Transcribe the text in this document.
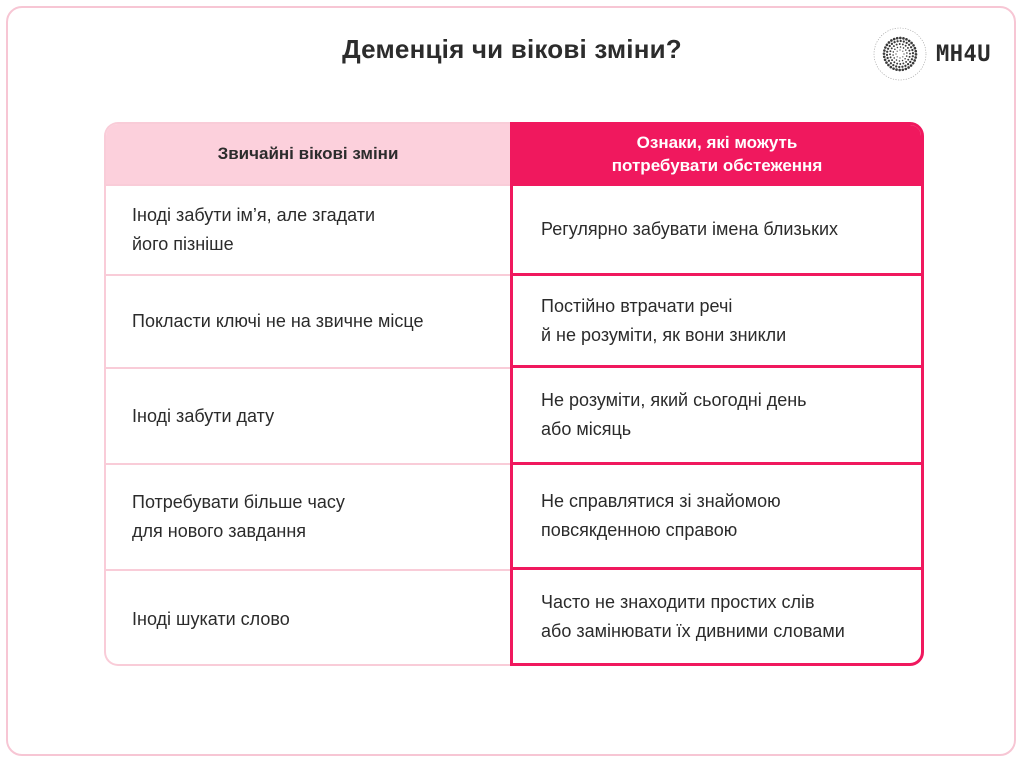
Деменція чи вікові зміни?	MH4U
Звичайні вікові зміни
Іноді забути ім’я, але згадати
його пізніше
Покласти ключі не на звичне місце
Іноді забути дату
Потребувати більше часу
для нового завдання
Іноді шукати слово
Ознаки, які можуть
потребувати обстеження
Регулярно забувати імена близьких
Постійно втрачати речі
й не розуміти, як вони зникли
Не розуміти, який сьогодні день
або місяць
Не справлятися зі знайомою
повсякденною справою
Часто не знаходити простих слів
або замінювати їх дивними словами
